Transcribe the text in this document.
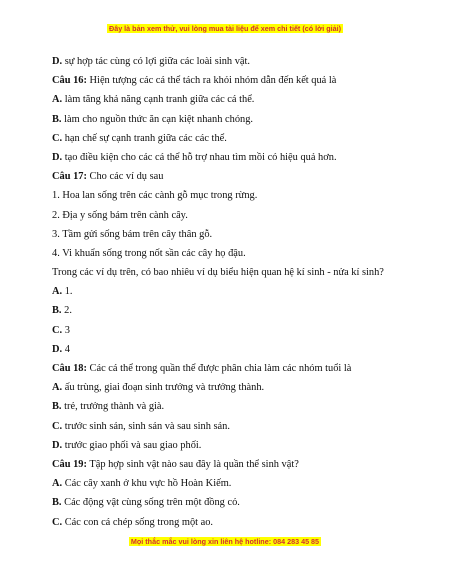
Đây là bản xem thử, vui lòng mua tài liệu để xem chi tiết (có lời giải)
D. sự hợp tác cùng có lợi giữa các loài sinh vật.
Câu 16: Hiện tượng các cá thể tách ra khỏi nhóm dẫn đến kết quả là
A. làm tăng khả năng cạnh tranh giữa các cá thể.
B. làm cho nguồn thức ăn cạn kiệt nhanh chóng.
C. hạn chế sự cạnh tranh giữa các các thể.
D. tạo điều kiện cho các cá thể hỗ trợ nhau tìm mồi có hiệu quả hơn.
Câu 17: Cho các ví dụ sau
1. Hoa lan sống trên các cành gỗ mục trong rừng.
2. Địa y sống bám trên cành cây.
3. Tầm gửi sống bám trên cây thân gỗ.
4. Vi khuẩn sống trong nốt sần các cây họ đậu.
Trong các ví dụ trên, có bao nhiêu ví dụ biểu hiện quan hệ kí sinh - nửa kí sinh?
A. 1.
B. 2.
C. 3
D. 4
Câu 18: Các cá thể trong quần thể được phân chia làm các nhóm tuổi là
A. ấu trùng, giai đoạn sinh trưởng và trưởng thành.
B. trẻ, trưởng thành và già.
C. trước sinh sản, sinh sản và sau sinh sản.
D. trước giao phối và sau giao phối.
Câu 19: Tập hợp sinh vật nào sau đây là quần thể sinh vật?
A. Các cây xanh ở khu vực hồ Hoàn Kiếm.
B. Các động vật cùng sống trên một đồng cỏ.
C. Các con cá chép sống trong một ao.
Mọi thắc mắc vui lòng xin liên hệ hotline: 084 283 45 85
